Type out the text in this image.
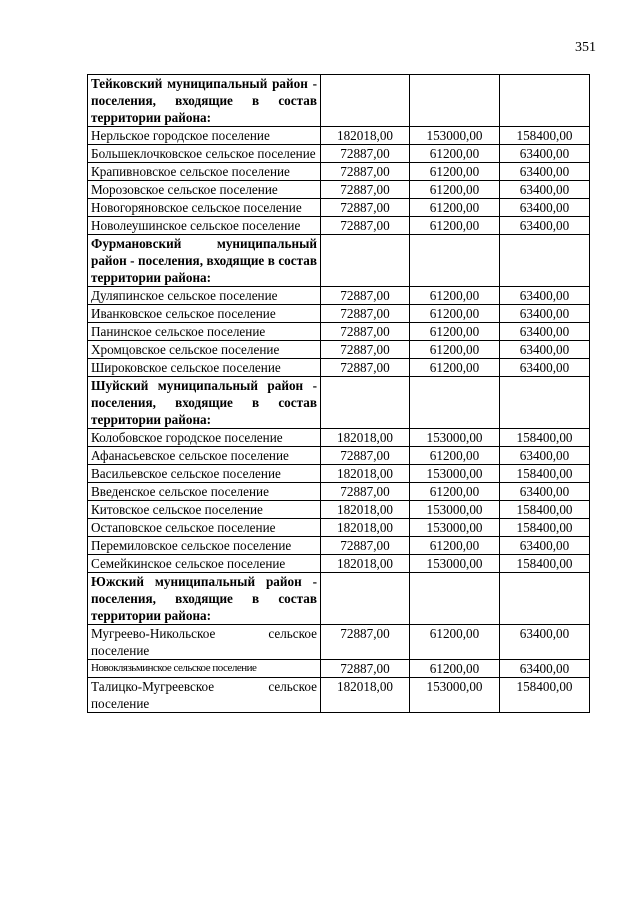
351
Тейковский муниципальный район - поселения, входящие в состав территории района:			
Нерльское городское поселение	182018,00	153000,00	158400,00
Большеклочковское сельское поселение	72887,00	61200,00	63400,00
Крапивновское сельское поселение	72887,00	61200,00	63400,00
Морозовское сельское поселение	72887,00	61200,00	63400,00
Новогоряновское сельское поселение	72887,00	61200,00	63400,00
Новолеушинское сельское поселение	72887,00	61200,00	63400,00
Фурмановский муниципальный район - поселения, входящие в состав территории района:			
Дуляпинское сельское поселение	72887,00	61200,00	63400,00
Иванковское сельское поселение	72887,00	61200,00	63400,00
Панинское сельское поселение	72887,00	61200,00	63400,00
Хромцовское сельское поселение	72887,00	61200,00	63400,00
Широковское сельское поселение	72887,00	61200,00	63400,00
Шуйский муниципальный район - поселения, входящие в состав территории района:			
Колобовское городское поселение	182018,00	153000,00	158400,00
Афанасьевское сельское поселение	72887,00	61200,00	63400,00
Васильевское сельское поселение	182018,00	153000,00	158400,00
Введенское сельское поселение	72887,00	61200,00	63400,00
Китовское сельское поселение	182018,00	153000,00	158400,00
Остаповское сельское поселение	182018,00	153000,00	158400,00
Перемиловское сельское поселение	72887,00	61200,00	63400,00
Семейкинское сельское поселение	182018,00	153000,00	158400,00
Южский муниципальный район - поселения, входящие в состав территории района:			
Мугреево-Никольское сельское поселение	72887,00	61200,00	63400,00
Новоклязьминское сельское поселение	72887,00	61200,00	63400,00
Талицко-Мугреевское сельское поселение	182018,00	153000,00	158400,00
